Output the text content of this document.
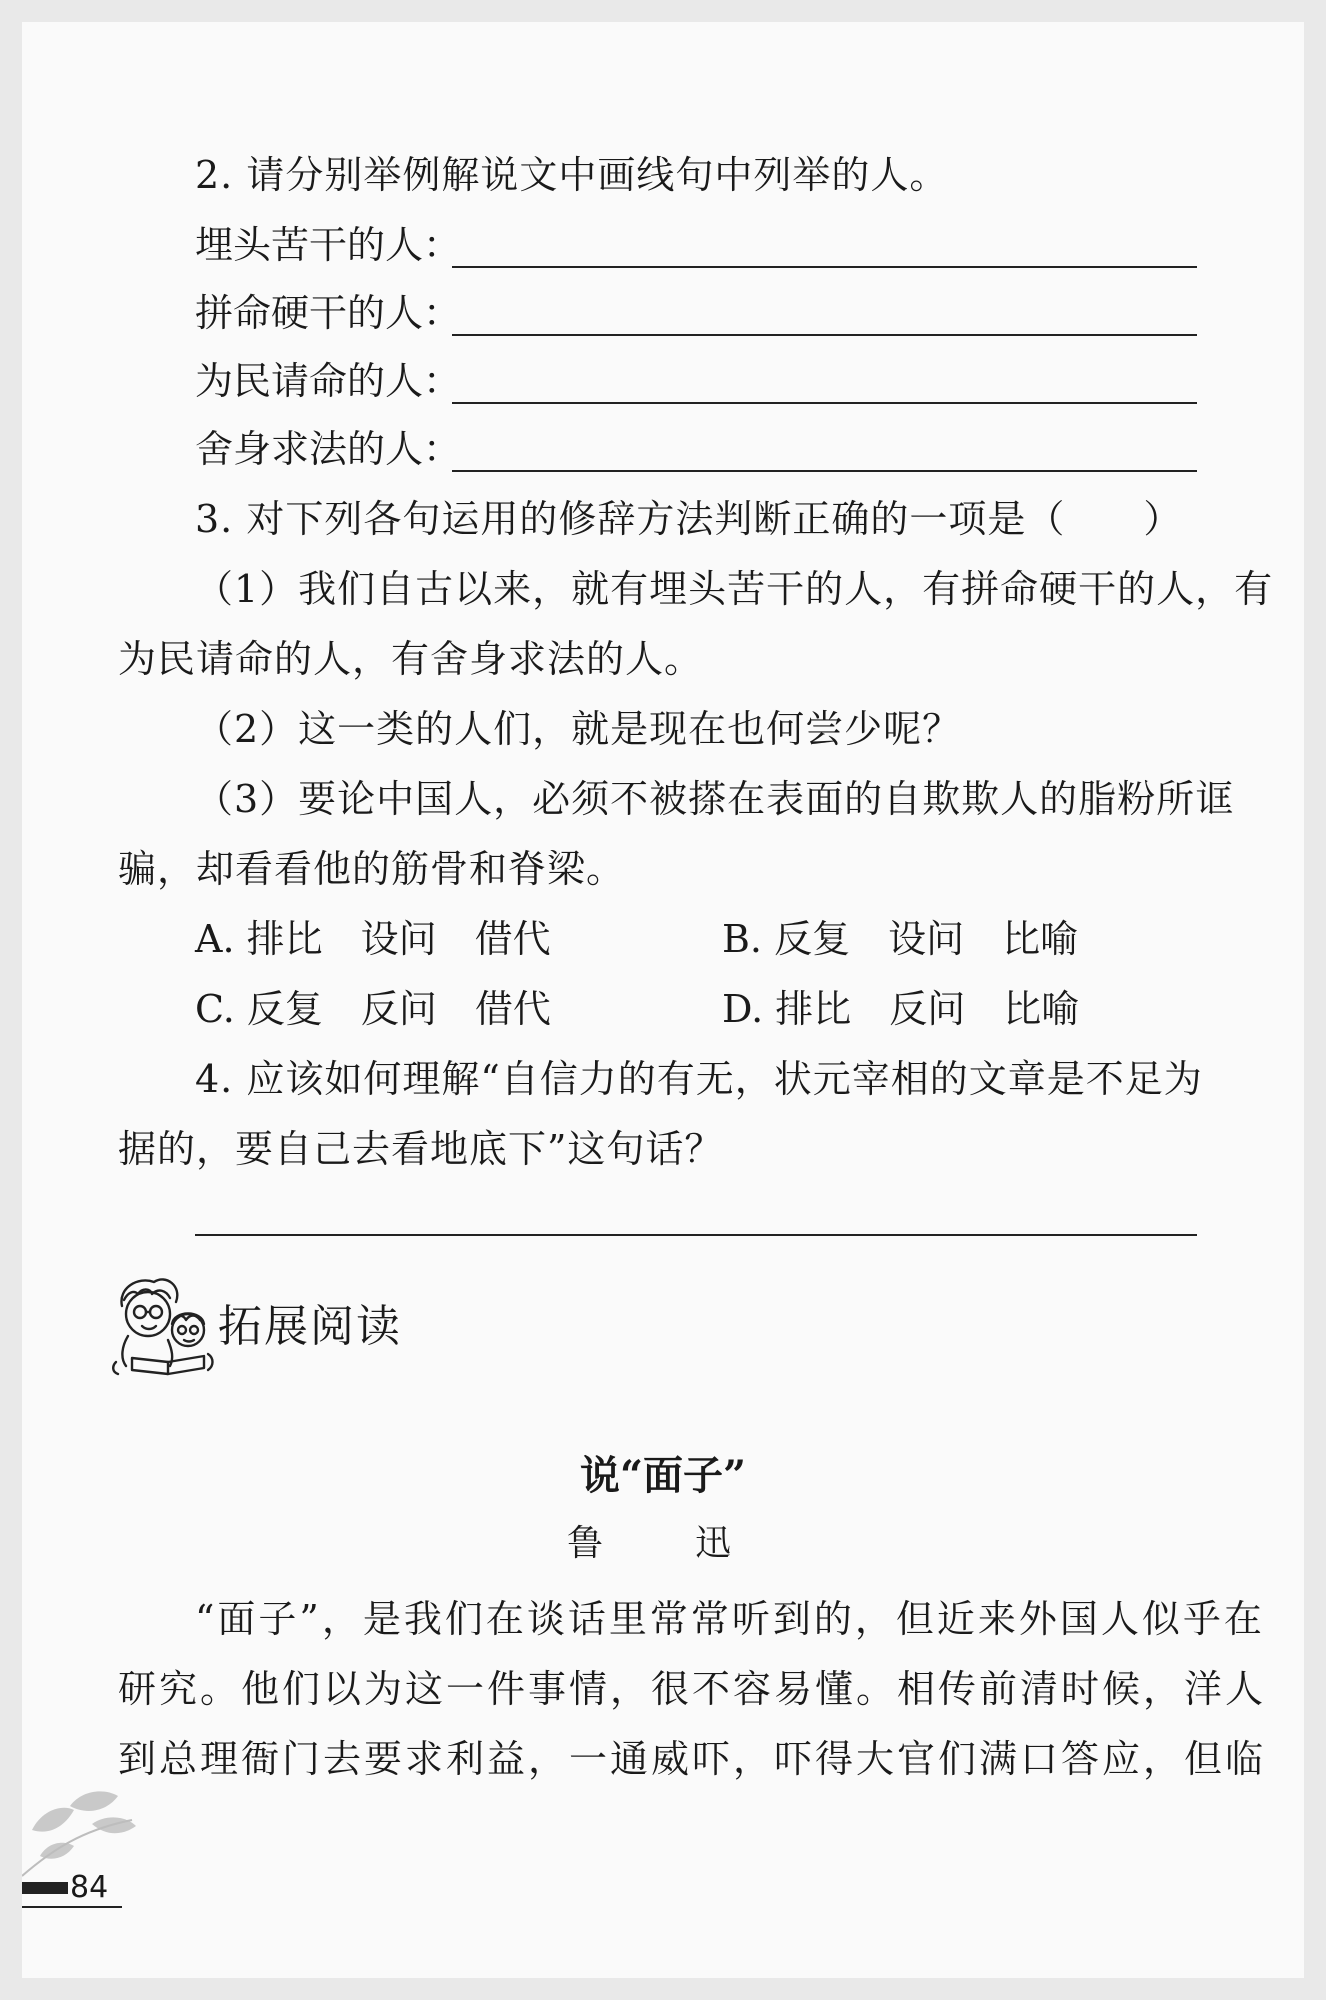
2. 请分别举例解说文中画线句中列举的人。
埋头苦干的人：
拼命硬干的人：
为民请命的人：
舍身求法的人：
3. 对下列各句运用的修辞方法判断正确的一项是（　　）
（1）我们自古以来，就有埋头苦干的人，有拼命硬干的人，有
为民请命的人，有舍身求法的人。
（2）这一类的人们，就是现在也何尝少呢？
（3）要论中国人，必须不被搽在表面的自欺欺人的脂粉所诓
骗，却看看他的筋骨和脊梁。
A. 排比　设问　借代	B. 反复　设问　比喻
C. 反复　反问　借代	D. 排比　反问　比喻
4. 应该如何理解“自信力的有无，状元宰相的文章是不足为
据的，要自己去看地底下”这句话？
拓展阅读
说“面子”
鲁　迅
“面子”，是我们在谈话里常常听到的，但近来外国人似乎在
研究。他们以为这一件事情，很不容易懂。相传前清时候，洋人
到总理衙门去要求利益，一通威吓，吓得大官们满口答应，但临
84
